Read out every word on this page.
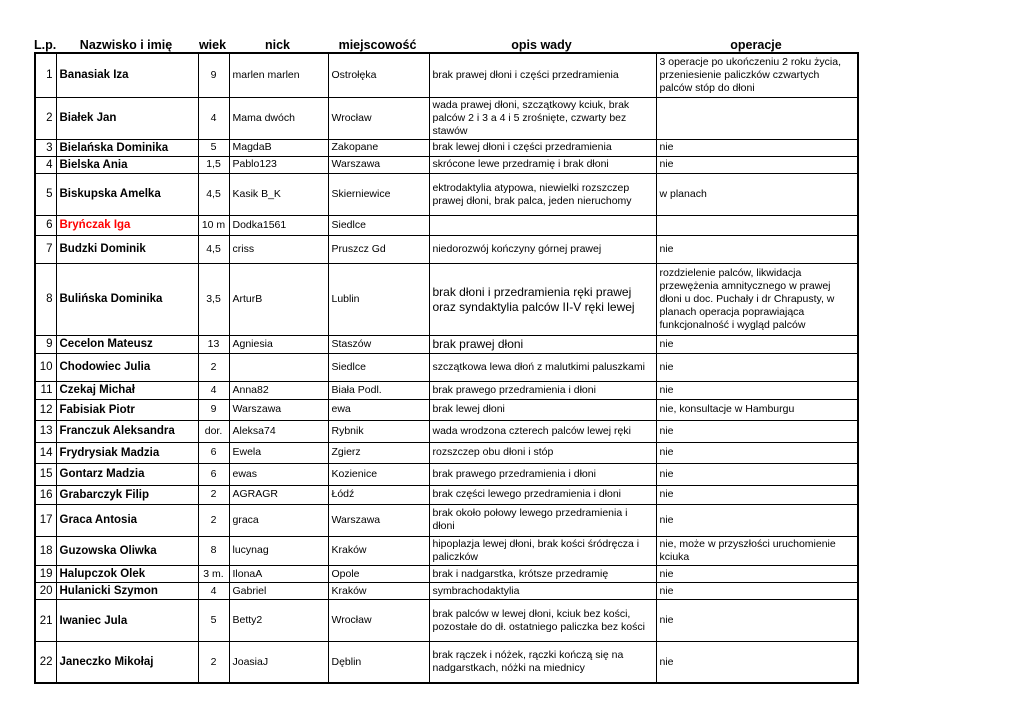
L.p.	Nazwisko i imię	wiek	nick	miejscowość	opis wady	operacje
1	Banasiak Iza	9	marlen marlen	Ostrołęka	brak prawej dłoni i części przedramienia	3 operacje po ukończeniu 2 roku życia, przeniesienie paliczków czwartych palców stóp do dłoni
2	Białek Jan	4	Mama dwóch	Wrocław	wada prawej dłoni, szczątkowy kciuk, brak palców 2 i 3 a 4 i 5 zrośnięte, czwarty bez stawów	
3	Bielańska Dominika	5	MagdaB	Zakopane	brak lewej dłoni i części przedramienia	nie
4	Bielska Ania	1,5	Pablo123	Warszawa	skrócone lewe przedramię i brak dłoni	nie
5	Biskupska Amelka	4,5	Kasik B_K	Skierniewice	ektrodaktylia atypowa, niewielki rozszczep prawej dłoni, brak palca, jeden nieruchomy	w planach
6	Bryńczak Iga	10 m	Dodka1561	Siedlce		
7	Budzki Dominik	4,5	criss	Pruszcz Gd	niedorozwój kończyny górnej prawej	nie
8	Bulińska Dominika	3,5	ArturB	Lublin	brak dłoni i przedramienia ręki prawej oraz syndaktylia palców II-V ręki lewej	rozdzielenie palców, likwidacja przewężenia amnitycznego w prawej dłoni u doc. Puchały i dr Chrapusty, w planach operacja poprawiająca funkcjonalność i wygląd palców
9	Cecelon Mateusz	13	Agniesia	Staszów	brak prawej dłoni	nie
10	Chodowiec Julia	2		Siedlce	szczątkowa lewa dłoń z malutkimi paluszkami	nie
11	Czekaj Michał	4	Anna82	Biała Podl.	brak prawego przedramienia i dłoni	nie
12	Fabisiak Piotr	9	Warszawa	ewa	brak lewej dłoni	nie, konsultacje w Hamburgu
13	Franczuk Aleksandra	dor.	Aleksa74	Rybnik	wada wrodzona czterech palców lewej ręki	nie
14	Frydrysiak Madzia	6	Ewela	Zgierz	rozszczep obu dłoni i stóp	nie
15	Gontarz Madzia	6	ewas	Kozienice	brak prawego przedramienia i dłoni	nie
16	Grabarczyk Filip	2	AGRAGR	Łódź	brak części lewego przedramienia i dłoni	nie
17	Graca Antosia	2	graca	Warszawa	brak około połowy lewego przedramienia i dłoni	nie
18	Guzowska Oliwka	8	lucynag	Kraków	hipoplazja lewej dłoni, brak kości śródręcza i paliczków	nie, może w przyszłości uruchomienie kciuka
19	Halupczok Olek	3 m.	IlonaA	Opole	brak i nadgarstka, krótsze przedramię	nie
20	Hulanicki Szymon	4	Gabriel	Kraków	symbrachodaktylia	nie
21	Iwaniec Jula	5	Betty2	Wrocław	brak palców w lewej dłoni, kciuk bez kości, pozostałe do dł. ostatniego paliczka bez kości	nie
22	Janeczko Mikołaj	2	JoasiaJ	Dęblin	brak rączek i nóżek, rączki kończą się na nadgarstkach, nóżki na miednicy	nie
